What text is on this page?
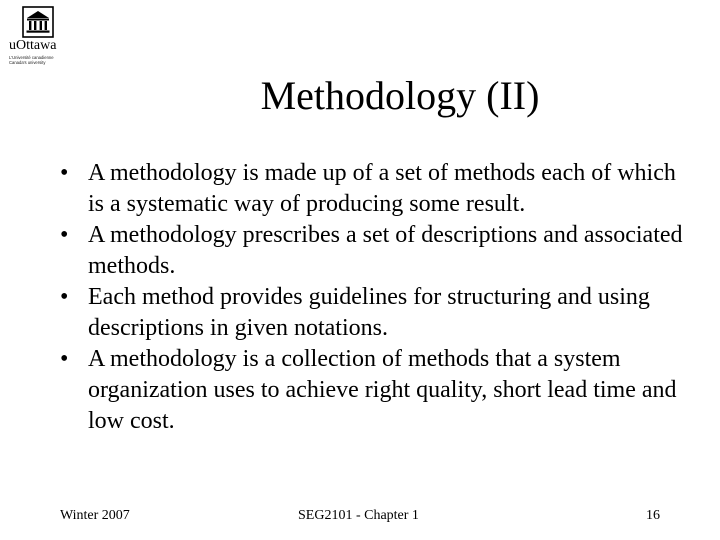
uOttawa
L'Université canadienne
Canada's university
Methodology (II)
• A methodology is made up of a set of methods each of which is a systematic way of producing some result.
• A methodology prescribes a set of descriptions and associated methods.
• Each method provides guidelines for structuring and using descriptions in given notations.
• A methodology is a collection of methods that a system organization uses to achieve right quality, short lead time and low cost.
Winter 2007	SEG2101 - Chapter 1	16
